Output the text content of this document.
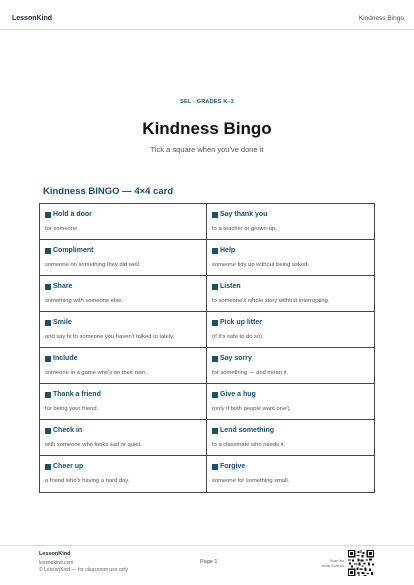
LessonKind	Kindness Bingo
SEL · GRADES K–3
Kindness Bingo
Tick a square when you've done it
Kindness BINGO — 4×4 card
Hold a door
for someone.
Say thank you
to a teacher or grown-up.
Compliment
someone on something they did well.
Help
someone tidy up without being asked.
Share
something with someone else.
Listen
to someone's whole story without interrupting.
Smile
and say hi to someone you haven't talked to lately.
Pick up litter
(if it's safe to do so).
Include
someone in a game who's on their own.
Say sorry
for something — and mean it.
Thank a friend
for being your friend.
Give a hug
(only if both people want one!).
Check in
with someone who looks sad or quiet.
Lend something
to a classmate who needs it.
Cheer up
a friend who's having a hard day.
Forgive
someone for something small.
LessonKind
lessonkind.com
© LessonKind — for classroom use only
Page 1	Scan for
more from us
